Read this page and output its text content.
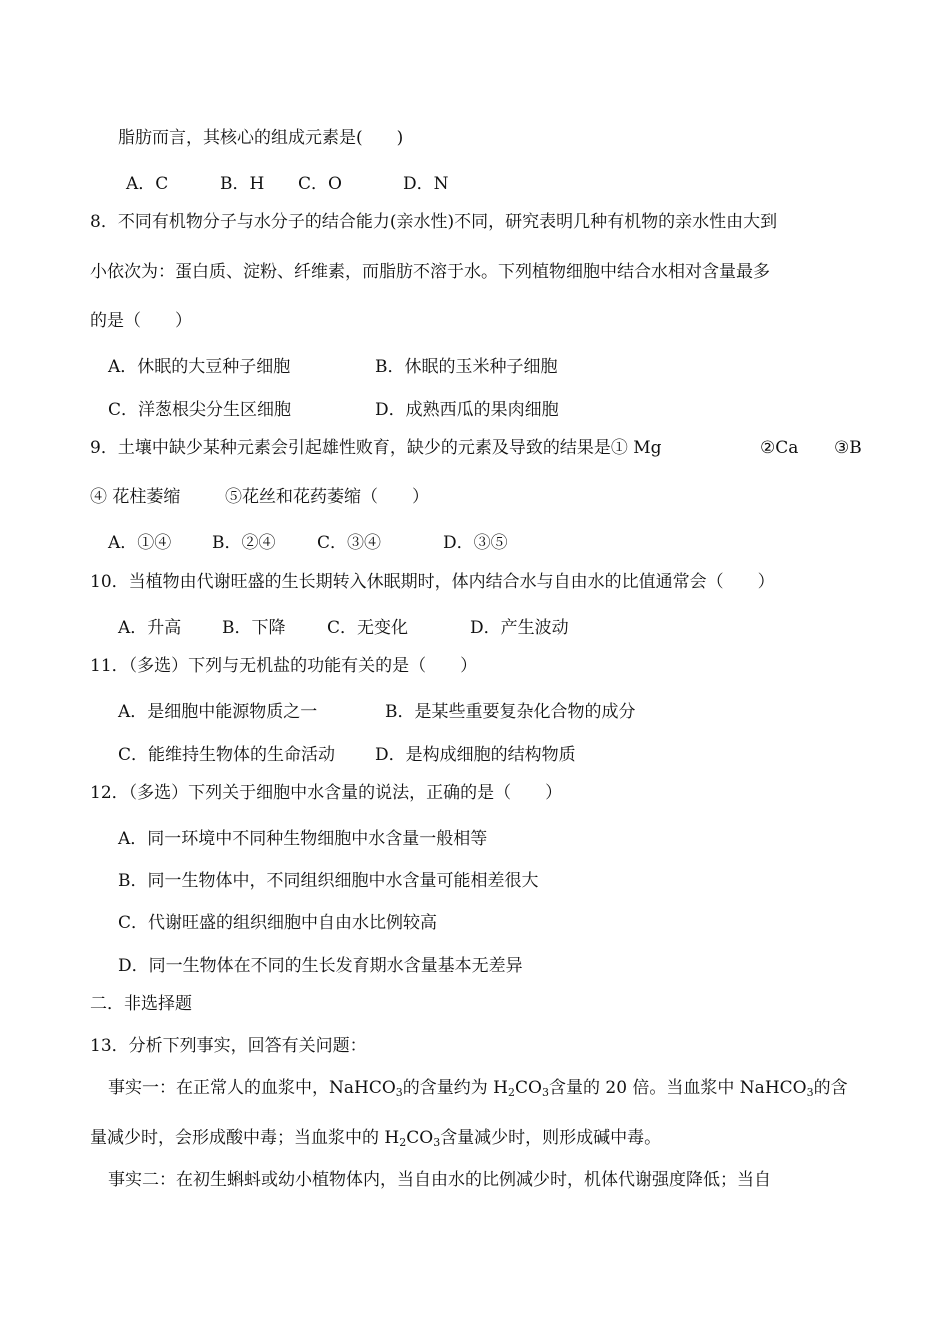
脂肪而言，其核心的组成元素是(　　)
A．C	B．H C．O	D．N
8．不同有机物分子与水分子的结合能力(亲水性)不同，研究表明几种有机物的亲水性由大到
小依次为：蛋白质、淀粉、纤维素，而脂肪不溶于水。下列植物细胞中结合水相对含量最多
的是（　　）
A．休眠的大豆种子细胞	B．休眠的玉米种子细胞
C．洋葱根尖分生区细胞	D．成熟西瓜的果肉细胞
9．土壤中缺少某种元素会引起雄性败育，缺少的元素及导致的结果是① Mg	②Ca ③B
④ 花柱萎缩	⑤花丝和花药萎缩（　　）
A．①④ B．②④ C．③④	D．③⑤
10．当植物由代谢旺盛的生长期转入休眠期时，体内结合水与自由水的比值通常会（　　）
A．升高 B．下降 C．无变化	D．产生波动
11．（多选）下列与无机盐的功能有关的是（　　）
A．是细胞中能源物质之一	B．是某些重要复杂化合物的成分
C．能维持生物体的生命活动 D．是构成细胞的结构物质
12．（多选）下列关于细胞中水含量的说法，正确的是（　　）
A．同一环境中不同种生物细胞中水含量一般相等
B．同一生物体中，不同组织细胞中水含量可能相差很大
C．代谢旺盛的组织细胞中自由水比例较高
D．同一生物体在不同的生长发育期水含量基本无差异
二．非选择题
13．分析下列事实，回答有关问题：
事实一：在正常人的血浆中，NaHCO$_3$的含量约为 $H_2CO_3$含量的 20 倍。当血浆中 NaHCO$_3$的含
量减少时，会形成酸中毒；当血浆中的 $H_2CO_3$含量减少时，则形成碱中毒。
事实二：在初生蝌蚪或幼小植物体内，当自由水的比例减少时，机体代谢强度降低；当自
